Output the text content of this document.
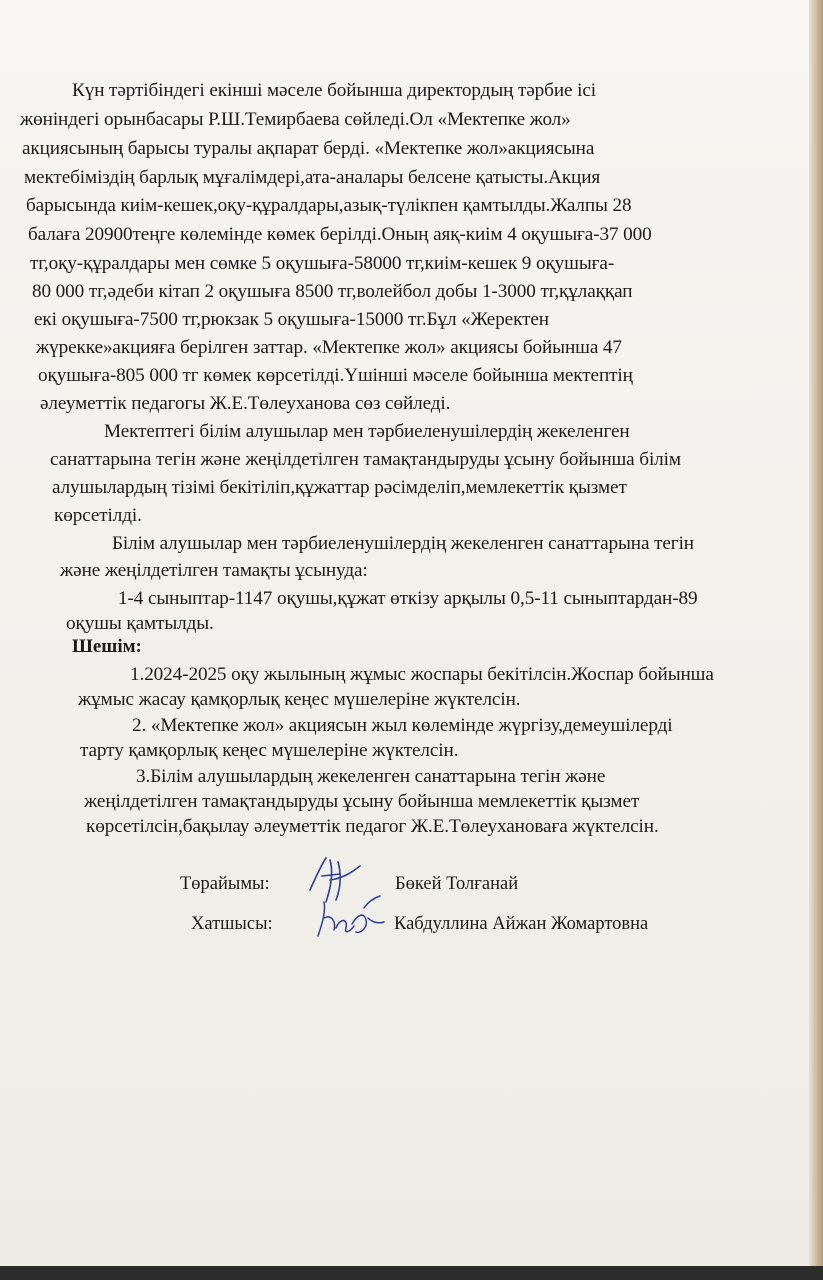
Күн тәртібіндегі екінші мәселе бойынша директордың тәрбие ісі
жөніндегі орынбасары Р.Ш.Темирбаева сөйледі.Ол «Мектепке жол»
акциясының барысы туралы ақпарат берді. «Мектепке жол»акциясына
мектебіміздің барлық мұғалімдері,ата-аналары белсене қатысты.Акция
барысында киім-кешек,оқу-құралдары,азық-түлікпен қамтылды.Жалпы 28
балаға 20900теңге көлемінде көмек берілді.Оның аяқ-киім 4 оқушыға-37 000
тг,оқу-құралдары мен сөмке 5 оқушыға-58000 тг,киім-кешек 9 оқушыға-
80 000 тг,әдеби кітап 2 оқушыға 8500 тг,волейбол добы 1-3000 тг,құлаққап
екі оқушыға-7500 тг,рюкзак 5 оқушыға-15000 тг.Бұл «Жеректен
жүрекке»акцияға берілген заттар. «Мектепке жол» акциясы бойынша 47
оқушыға-805 000 тг көмек көрсетілді.Үшінші мәселе бойынша мектептің
әлеуметтік педагогы Ж.Е.Төлеуханова сөз сөйледі.
Мектептегі білім алушылар мен тәрбиеленушілердің жекеленген
санаттарына тегін және жеңілдетілген тамақтандыруды ұсыну бойынша білім
алушылардың тізімі бекітіліп,құжаттар рәсімделіп,мемлекеттік қызмет
көрсетілді.
Білім алушылар мен тәрбиеленушілердің жекеленген санаттарына тегін
және жеңілдетілген тамақты ұсынуда:
1-4 сыныптар-1147 оқушы,құжат өткізу арқылы 0,5-11 сыныптардан-89
оқушы қамтылды.
Шешім:
1.2024-2025 оқу жылының жұмыс жоспары бекітілсін.Жоспар бойынша
жұмыс жасау қамқорлық кеңес мүшелеріне жүктелсін.
2. «Мектепке жол» акциясын жыл көлемінде жүргізу,демеушілерді
тарту қамқорлық кеңес мүшелеріне жүктелсін.
3.Білім алушылардың жекеленген санаттарына тегін және
жеңілдетілген тамақтандыруды ұсыну бойынша мемлекеттік қызмет
көрсетілсін,бақылау әлеуметтік педагог Ж.Е.Төлеухановаға жүктелсін.
Төрайымы:	Бөкей Толғанай
Хатшысы:	Кабдуллина Айжан Жомартовна
